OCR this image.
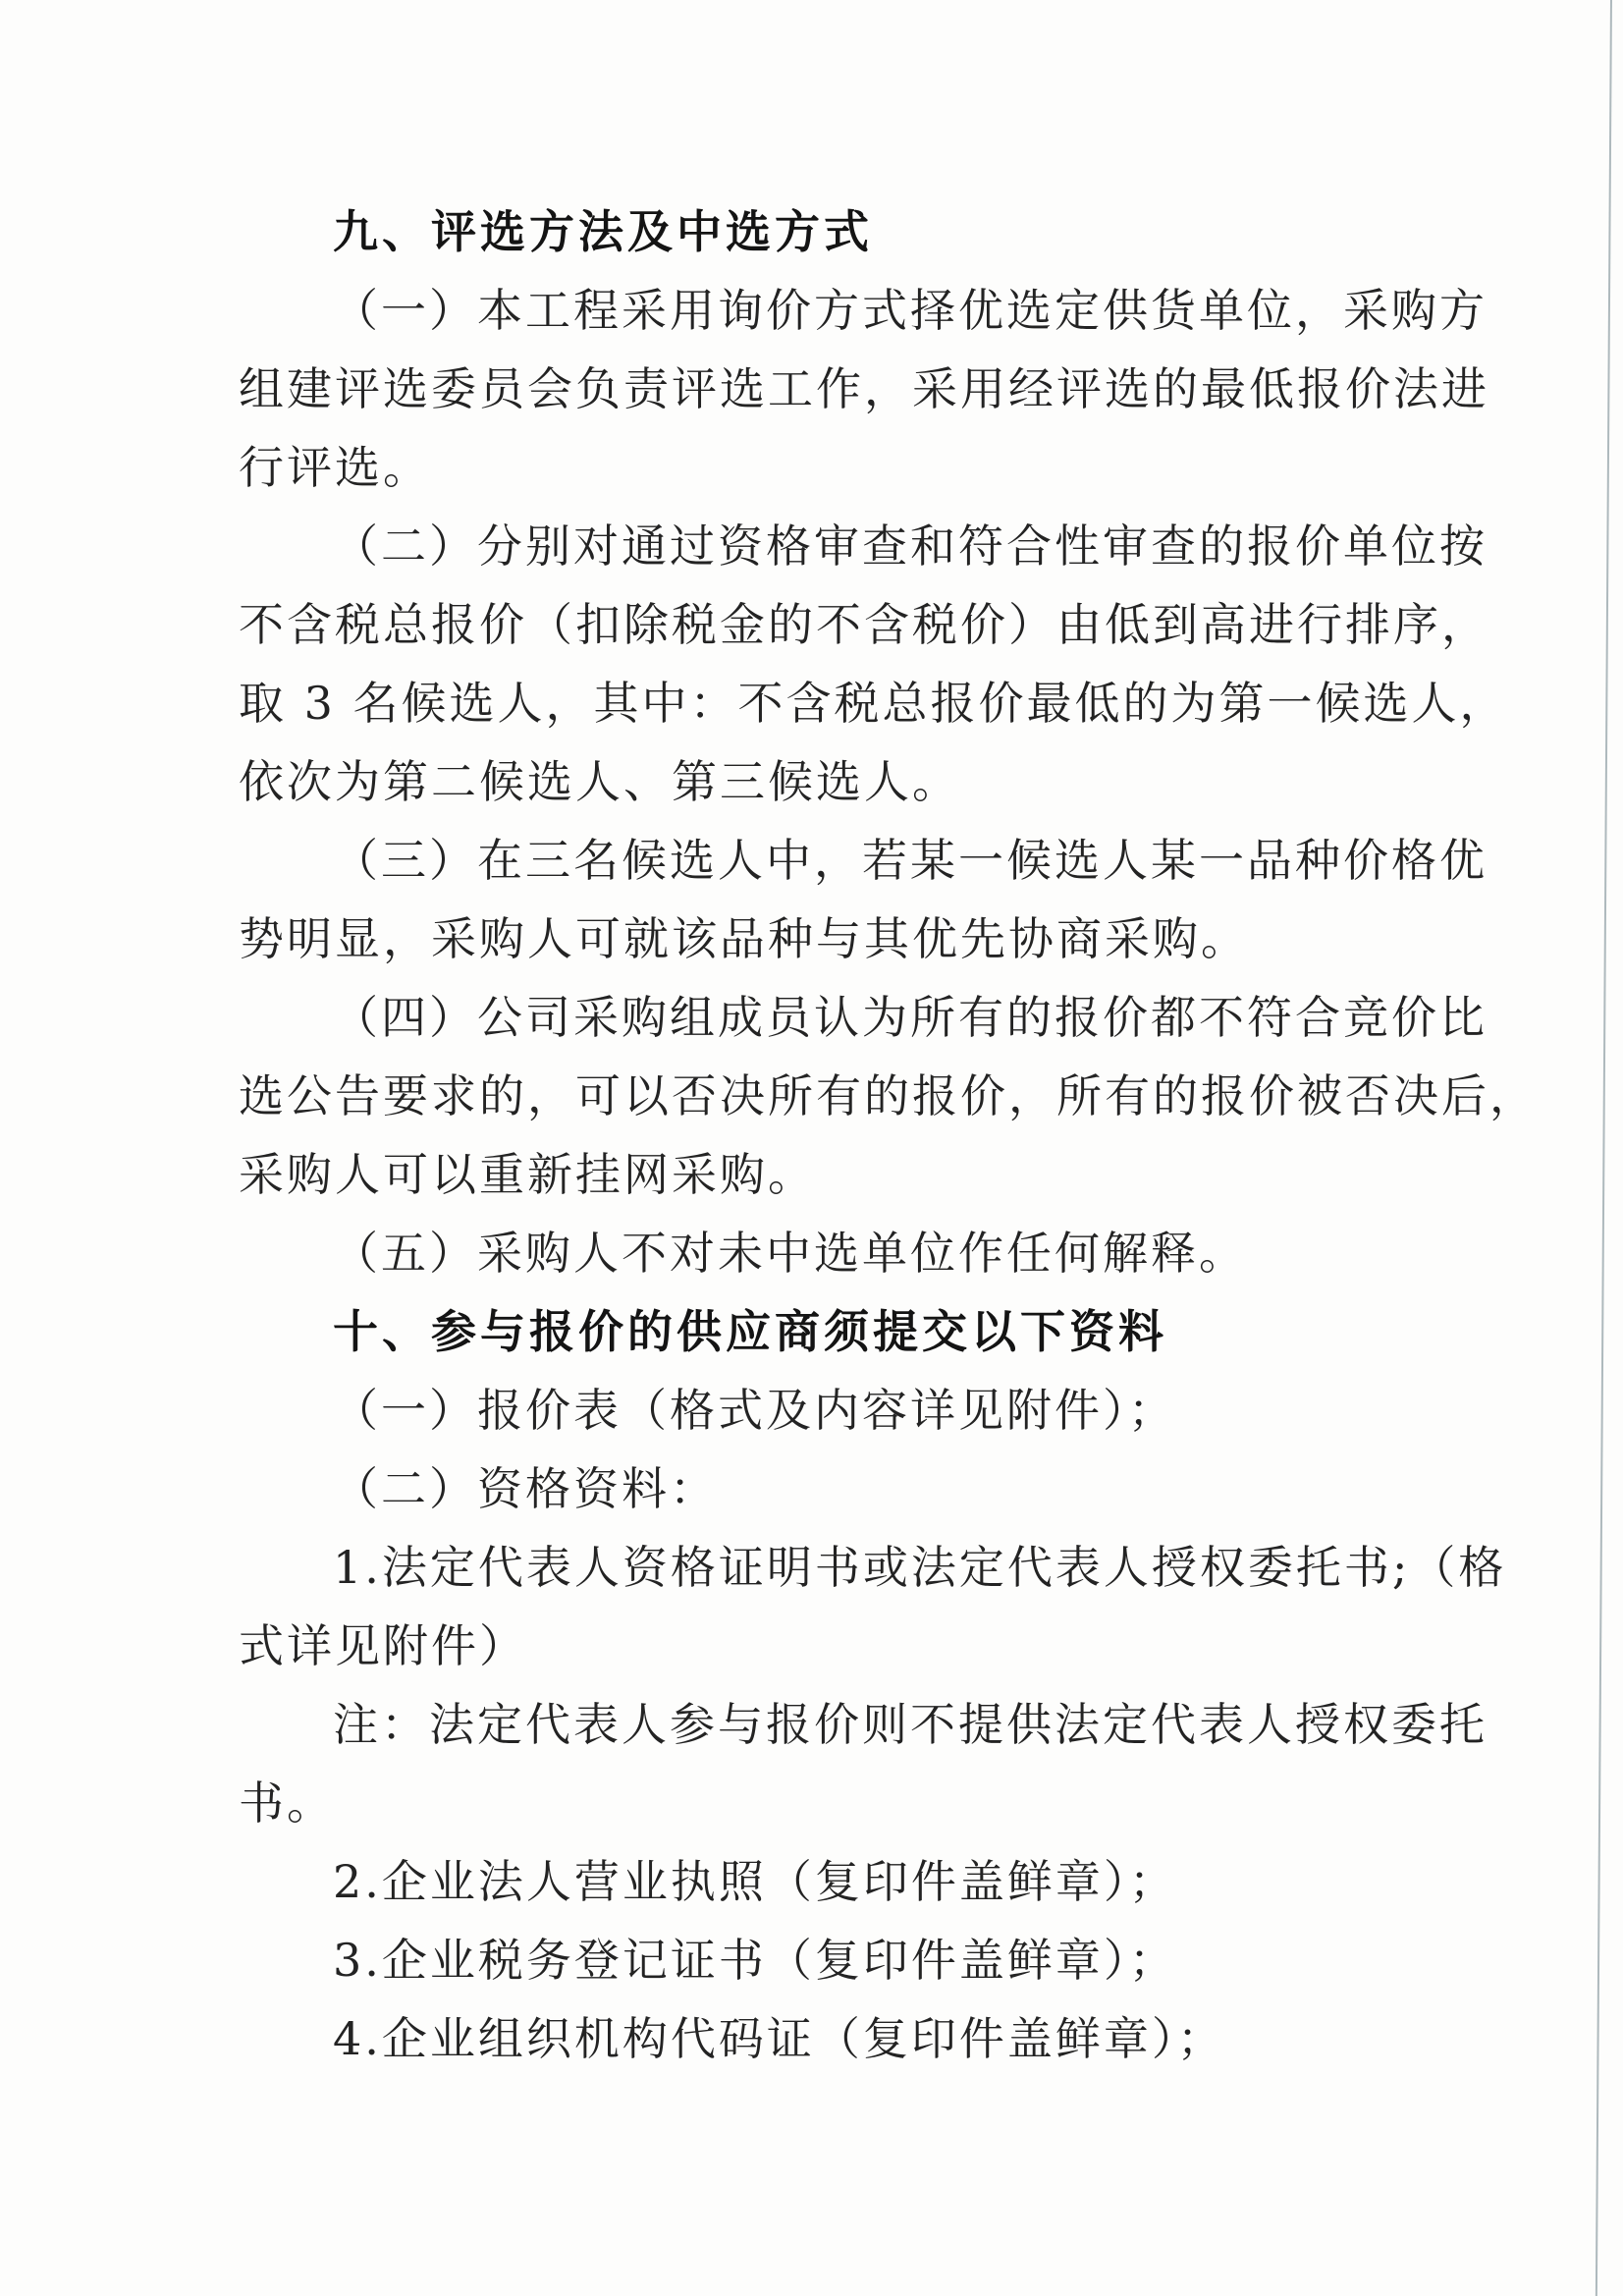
九、评选方法及中选方式
（一）本工程采用询价方式择优选定供货单位，采购方
组建评选委员会负责评选工作，采用经评选的最低报价法进
行评选。
（二）分别对通过资格审查和符合性审查的报价单位按
不含税总报价（扣除税金的不含税价）由低到高进行排序，
取 3 名候选人，其中：不含税总报价最低的为第一候选人，
依次为第二候选人、第三候选人。
（三）在三名候选人中，若某一候选人某一品种价格优
势明显，采购人可就该品种与其优先协商采购。
（四）公司采购组成员认为所有的报价都不符合竞价比
选公告要求的，可以否决所有的报价，所有的报价被否决后，
采购人可以重新挂网采购。
（五）采购人不对未中选单位作任何解释。
十、参与报价的供应商须提交以下资料
（一）报价表（格式及内容详见附件）；
（二）资格资料：
1.法定代表人资格证明书或法定代表人授权委托书;（格
式详见附件）
注：法定代表人参与报价则不提供法定代表人授权委托
书。
2.企业法人营业执照（复印件盖鲜章）；
3.企业税务登记证书（复印件盖鲜章）；
4.企业组织机构代码证（复印件盖鲜章）；
